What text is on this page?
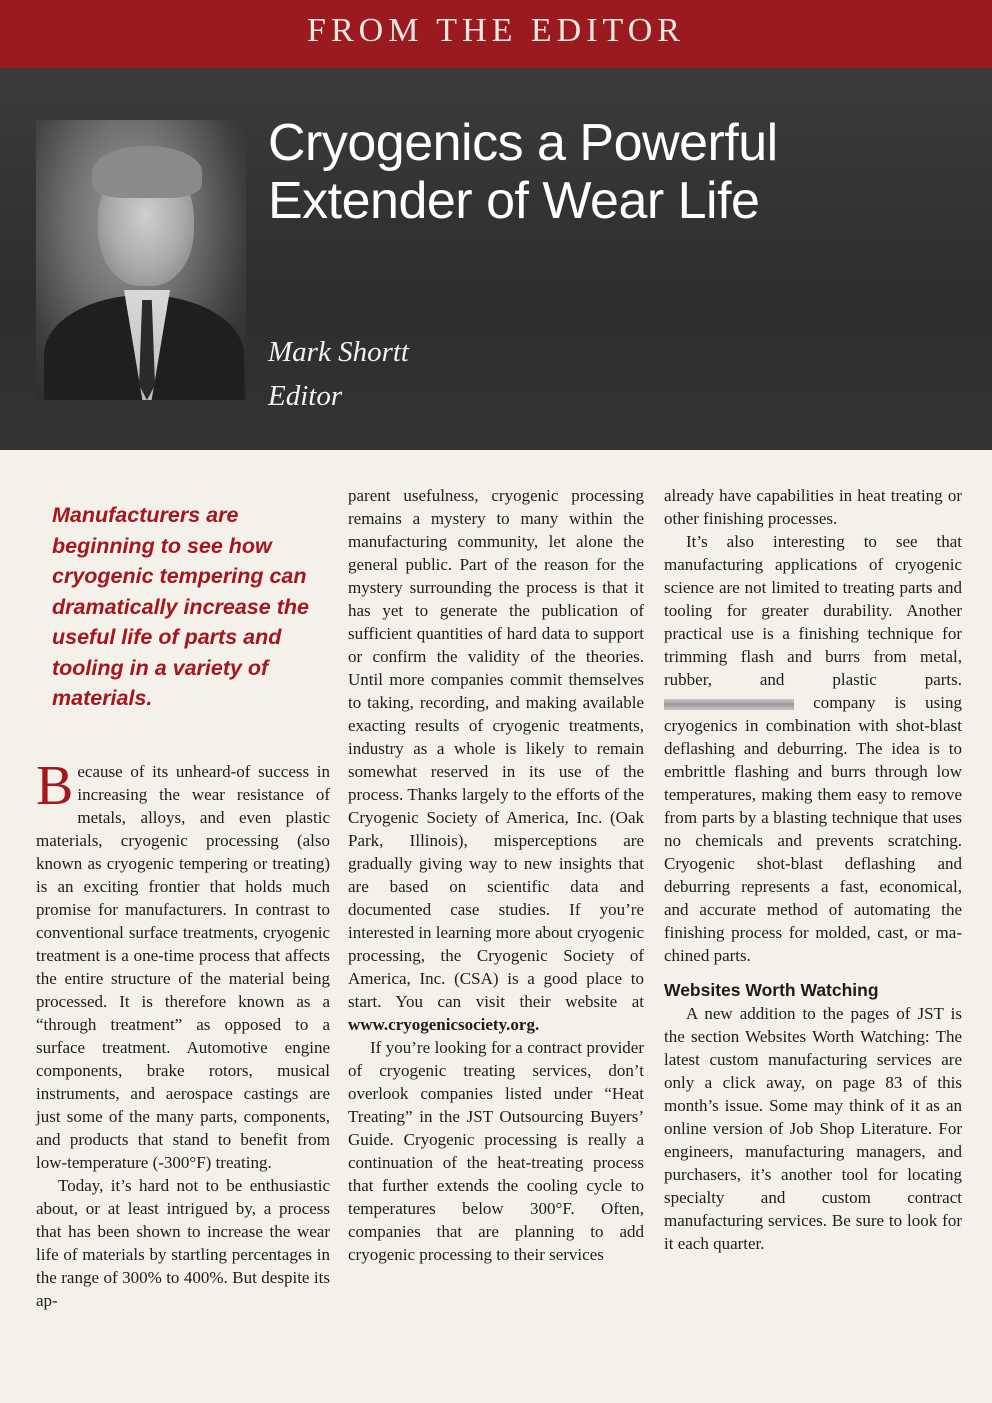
FROM THE EDITOR
Cryogenics a Powerful
Extender of Wear Life
Mark Shortt
Editor
Manufacturers are beginning to see how cryogenic tempering can dramatically increase the useful life of parts and tooling in a variety of materials.

Because of its unheard-of success in increasing the wear resistance of metals, alloys, and even plastic materials, cryogenic processing (also known as cryogenic tempering or treating) is an exciting frontier that holds much promise for manufacturers. In contrast to conventional surface treatments, cryogenic treatment is a one-time process that affects the entire structure of the material being processed. It is therefore known as a “through treatment” as opposed to a surface treatment. Automotive engine components, brake rotors, musical instruments, and aerospace castings are just some of the many parts, components, and products that stand to benefit from low-temperature (-300°F) treating.

Today, it’s hard not to be enthusiastic about, or at least intrigued by, a process that has been shown to increase the wear life of materials by startling percentages in the range of 300% to 400%. But despite its ap-

parent usefulness, cryogenic processing remains a mystery to many within the manufacturing community, let alone the general public. Part of the reason for the mystery surrounding the process is that it has yet to generate the publication of sufficient quantities of hard data to support or confirm the validity of the theories. Until more companies commit themselves to taking, recording, and making available exacting results of cryogenic treatments, industry as a whole is likely to remain somewhat reserved in its use of the process. Thanks largely to the efforts of the Cryogenic Society of America, Inc. (Oak Park, Illinois), misperceptions are gradually giving way to new insights that are based on scientific data and documented case studies. If you’re interested in learning more about cryogenic processing, the Cryogenic Society of America, Inc. (CSA) is a good place to start. You can visit their website at www.cryogenicsociety.org.

If you’re looking for a contract provider of cryogenic treating services, don’t overlook companies listed under “Heat Treating” in the JST Outsourcing Buyers’ Guide. Cryogenic processing is really a continuation of the heat-treating process that further extends the cooling cycle to temperatures below 300°F. Often, companies that are planning to add cryogenic processing to their services

already have capabilities in heat treating or other finishing processes.

It’s also interesting to see that manufacturing applications of cryogenic science are not limited to treating parts and tooling for greater durability. Another practical use is a finishing technique for trimming flash and burrs from metal, rubber, and plastic parts.  company is using cryogenics in combination with shot-blast deflashing and deburring. The idea is to embrittle flashing and burrs through low temperatures, making them easy to remove from parts by a blasting technique that uses no chemicals and prevents scratching. Cryogenic shot-blast deflashing and deburring represents a fast, economical, and accurate method of automating the finishing process for molded, cast, or machined parts.

Websites Worth Watching

A new addition to the pages of JST is the section Websites Worth Watching: The latest custom manufacturing services are only a click away, on page 83 of this month’s issue. Some may think of it as an online version of Job Shop Literature. For engineers, manufacturing managers, and purchasers, it’s another tool for locating specialty and custom contract manufacturing services. Be sure to look for it each quarter.
